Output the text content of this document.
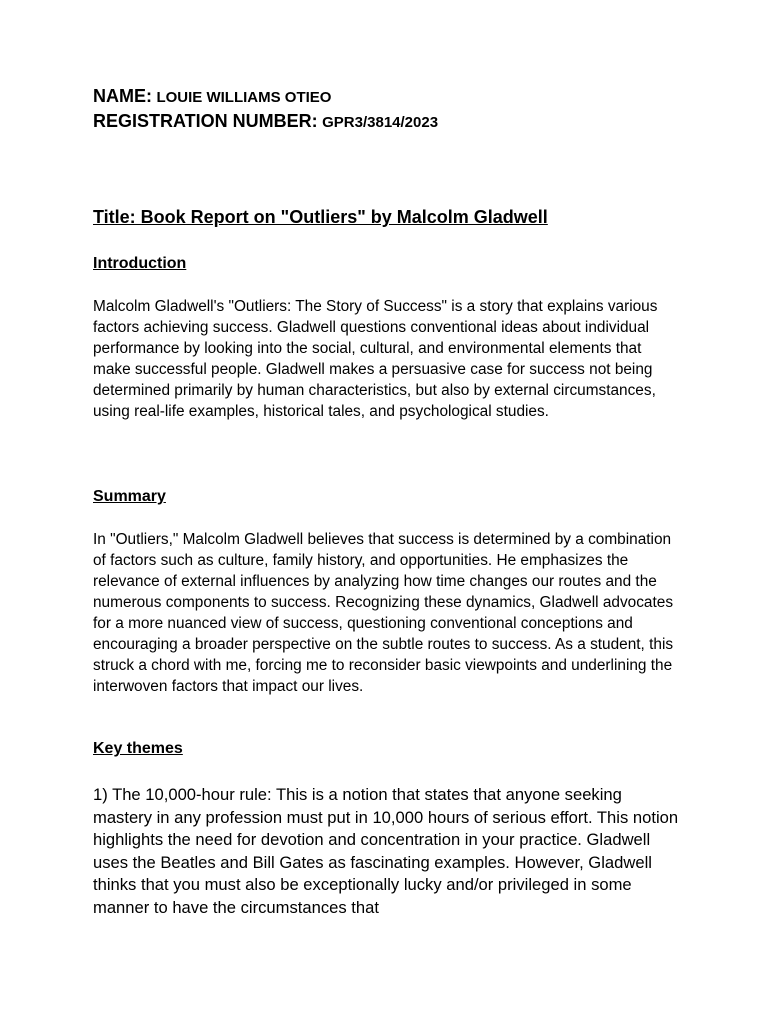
NAME: LOUIE WILLIAMS OTIEO
REGISTRATION NUMBER: GPR3/3814/2023
Title: Book Report on "Outliers" by Malcolm Gladwell
Introduction
Malcolm Gladwell's "Outliers: The Story of Success" is a story that explains various factors achieving success. Gladwell questions conventional ideas about individual performance by looking into the social, cultural, and environmental elements that make successful people. Gladwell makes a persuasive case for success not being determined primarily by human characteristics, but also by external circumstances, using real-life examples, historical tales, and psychological studies.
Summary
In "Outliers," Malcolm Gladwell believes that success is determined by a combination of factors such as culture, family history, and opportunities. He emphasizes the relevance of external influences by analyzing how time changes our routes and the numerous components to success. Recognizing these dynamics, Gladwell advocates for a more nuanced view of success, questioning conventional conceptions and encouraging a broader perspective on the subtle routes to success. As a student, this struck a chord with me, forcing me to reconsider basic viewpoints and underlining the interwoven factors that impact our lives.
Key themes
1) The 10,000-hour rule: This is a notion that states that anyone seeking mastery in any profession must put in 10,000 hours of serious effort. This notion highlights the need for devotion and concentration in your practice. Gladwell uses the Beatles and Bill Gates as fascinating examples. However, Gladwell thinks that you must also be exceptionally lucky and/or privileged in some manner to have the circumstances that
